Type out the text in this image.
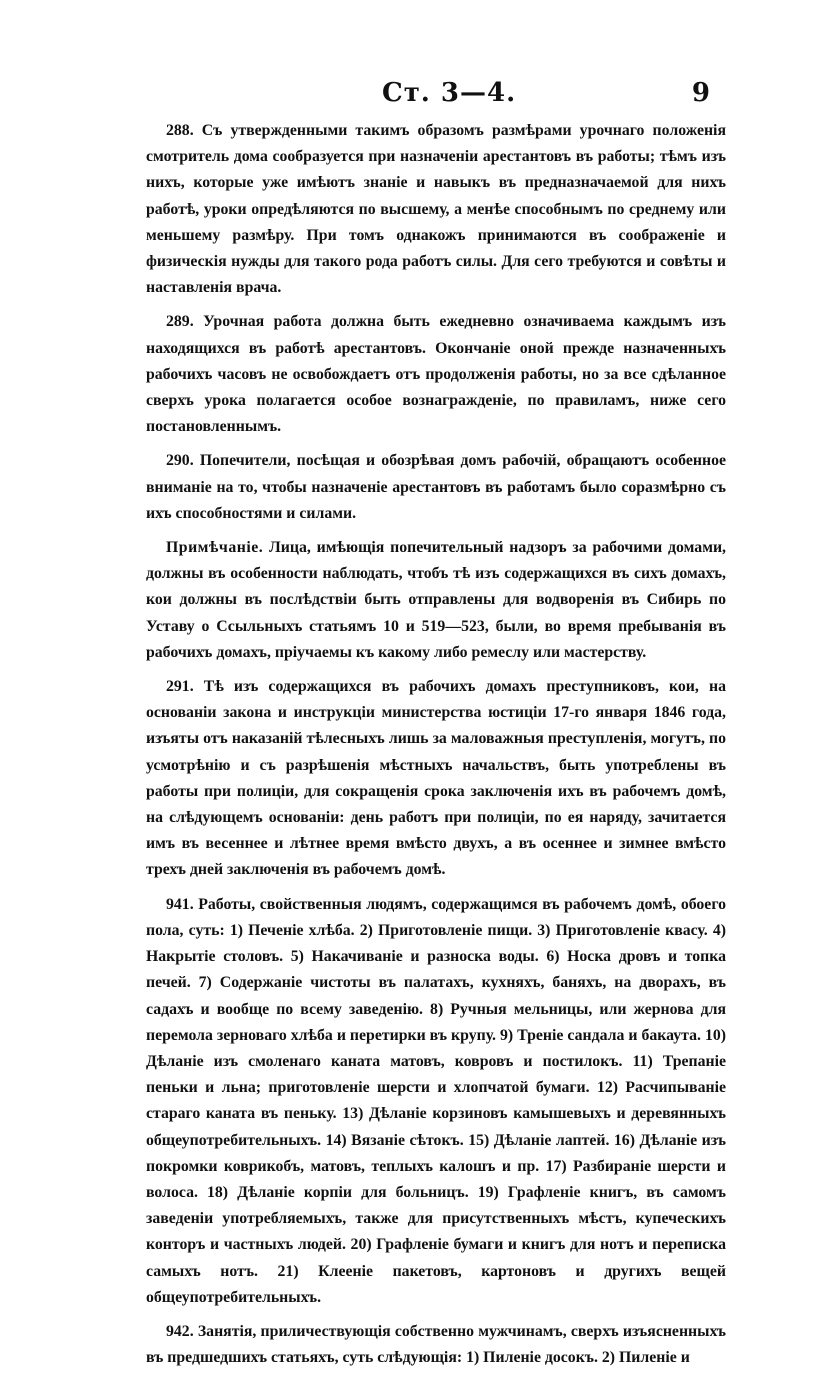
Ст. 3—4.	9

288. Съ утвержденными такимъ образомъ размѣрами урочнаго положенія смотритель дома сообразуется при назначеніи арестантовъ въ работы; тѣмъ изъ нихъ, которые уже имѣютъ знаніе и навыкъ въ предназначаемой для нихъ работѣ, уроки опредѣляются по высшему, а менѣе способнымъ по среднему или меньшему размѣру. При томъ однакожъ принимаются въ соображеніе и физическія нужды для такого рода работъ силы. Для сего требуются и совѣты и наставленія врача.

289. Урочная работа должна быть ежедневно означиваема каждымъ изъ находящихся въ работѣ арестантовъ. Окончаніе оной прежде назначенныхъ рабочихъ часовъ не освобождаетъ отъ продолженія работы, но за все сдѣланное сверхъ урока полагается особое вознагражденіе, по правиламъ, ниже сего постановленнымъ.

290. Попечители, посѣщая и обозрѣвая домъ рабочій, обращаютъ особенное вниманіе на то, чтобы назначеніе арестантовъ въ работамъ было соразмѣрно съ ихъ способностями и силами.

Примѣчаніе. Лица, имѣющія попечительный надзоръ за рабочими домами, должны въ особенности наблюдать, чтобъ тѣ изъ содержащихся въ сихъ домахъ, кои должны въ послѣдствіи быть отправлены для водворенія въ Сибирь по Уставу о Ссыльныхъ статьямъ 10 и 519—523, были, во время пребыванія въ рабочихъ домахъ, пріучаемы къ какому либо ремеслу или мастерству.

291. Тѣ изъ содержащихся въ рабочихъ домахъ преступниковъ, кои, на основаніи закона и инструкціи министерства юстиціи 17-го января 1846 года, изъяты отъ наказаній тѣлесныхъ лишь за маловажныя преступленія, могутъ, по усмотрѣнію и съ разрѣшенія мѣстныхъ начальствъ, быть употреблены въ работы при полиціи, для сокращенія срока заключенія ихъ въ рабочемъ домѣ, на слѣдующемъ основаніи: день работъ при полиціи, по ея наряду, зачитается имъ въ весеннее и лѣтнее время вмѣсто двухъ, а въ осеннее и зимнее вмѣсто трехъ дней заключенія въ рабочемъ домѣ.

941. Работы, свойственныя людямъ, содержащимся въ рабочемъ домѣ, обоего пола, суть: 1) Печеніе хлѣба. 2) Приготовленіе пищи. 3) Приготовленіе квасу. 4) Накрытіе столовъ. 5) Накачиваніе и разноска воды. 6) Носка дровъ и топка печей. 7) Содержаніе чистоты въ палатахъ, кухняхъ, баняхъ, на дворахъ, въ садахъ и вообще по всему заведенію. 8) Ручныя мельницы, или жернова для перемола зерноваго хлѣба и перетирки въ крупу. 9) Треніе сандала и бакаута. 10) Дѣланіе изъ смоленаго каната матовъ, ковровъ и постилокъ. 11) Трепаніе пеньки и льна; приготовленіе шерсти и хлопчатой бумаги. 12) Расчипываніе стараго каната въ пеньку. 13) Дѣланіе корзиновъ камышевыхъ и деревянныхъ общеупотребительныхъ. 14) Вязаніе сѣтокъ. 15) Дѣланіе лаптей. 16) Дѣланіе изъ покромки коврикобъ, матовъ, теплыхъ калошъ и пр. 17) Разбираніе шерсти и волоса. 18) Дѣланіе корпіи для больницъ. 19) Графленіе книгъ, въ самомъ заведеніи употребляемыхъ, также для присутственныхъ мѣстъ, купеческихъ конторъ и частныхъ людей. 20) Графленіе бумаги и книгъ для нотъ и переписка самыхъ нотъ. 21) Клееніе пакетовъ, картоновъ и другихъ вещей общеупотребительныхъ.

942. Занятія, приличествующія собственно мужчинамъ, сверхъ изъясненныхъ въ предшедшихъ статьяхъ, суть слѣдующія: 1) Пиленіе досокъ. 2) Пиленіе и
